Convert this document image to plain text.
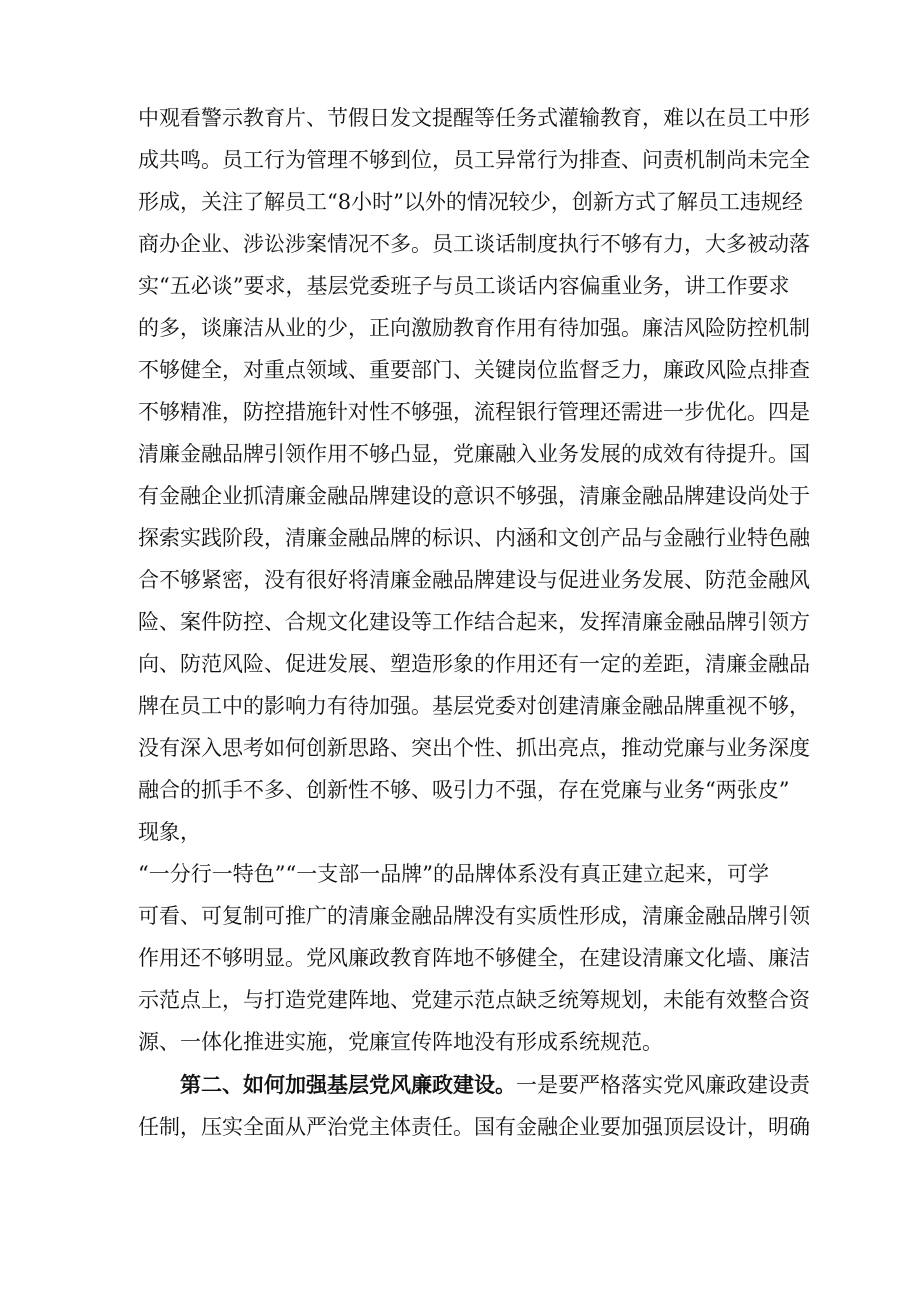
中观看警示教育片、节假日发文提醒等任务式灌输教育，难以在员工中形
成共鸣。员工行为管理不够到位，员工异常行为排查、问责机制尚未完全
形成，关注了解员工“8小时”以外的情况较少，创新方式了解员工违规经
商办企业、涉讼涉案情况不多。员工谈话制度执行不够有力，大多被动落
实“五必谈”要求，基层党委班子与员工谈话内容偏重业务，讲工作要求
的多，谈廉洁从业的少，正向激励教育作用有待加强。廉洁风险防控机制
不够健全，对重点领域、重要部门、关键岗位监督乏力，廉政风险点排查
不够精准，防控措施针对性不够强，流程银行管理还需进一步优化。四是
清廉金融品牌引领作用不够凸显，党廉融入业务发展的成效有待提升。国
有金融企业抓清廉金融品牌建设的意识不够强，清廉金融品牌建设尚处于
探索实践阶段，清廉金融品牌的标识、内涵和文创产品与金融行业特色融
合不够紧密，没有很好将清廉金融品牌建设与促进业务发展、防范金融风
险、案件防控、合规文化建设等工作结合起来，发挥清廉金融品牌引领方
向、防范风险、促进发展、塑造形象的作用还有一定的差距，清廉金融品
牌在员工中的影响力有待加强。基层党委对创建清廉金融品牌重视不够，
没有深入思考如何创新思路、突出个性、抓出亮点，推动党廉与业务深度
融合的抓手不多、创新性不够、吸引力不强，存在党廉与业务“两张皮”
现象，
“一分行一特色”“一支部一品牌”的品牌体系没有真正建立起来，可学
可看、可复制可推广的清廉金融品牌没有实质性形成，清廉金融品牌引领
作用还不够明显。党风廉政教育阵地不够健全，在建设清廉文化墙、廉洁
示范点上，与打造党建阵地、党建示范点缺乏统筹规划，未能有效整合资
源、一体化推进实施，党廉宣传阵地没有形成系统规范。
第二、如何加强基层党风廉政建设。一是要严格落实党风廉政建设责
任制，压实全面从严治党主体责任。国有金融企业要加强顶层设计，明确
